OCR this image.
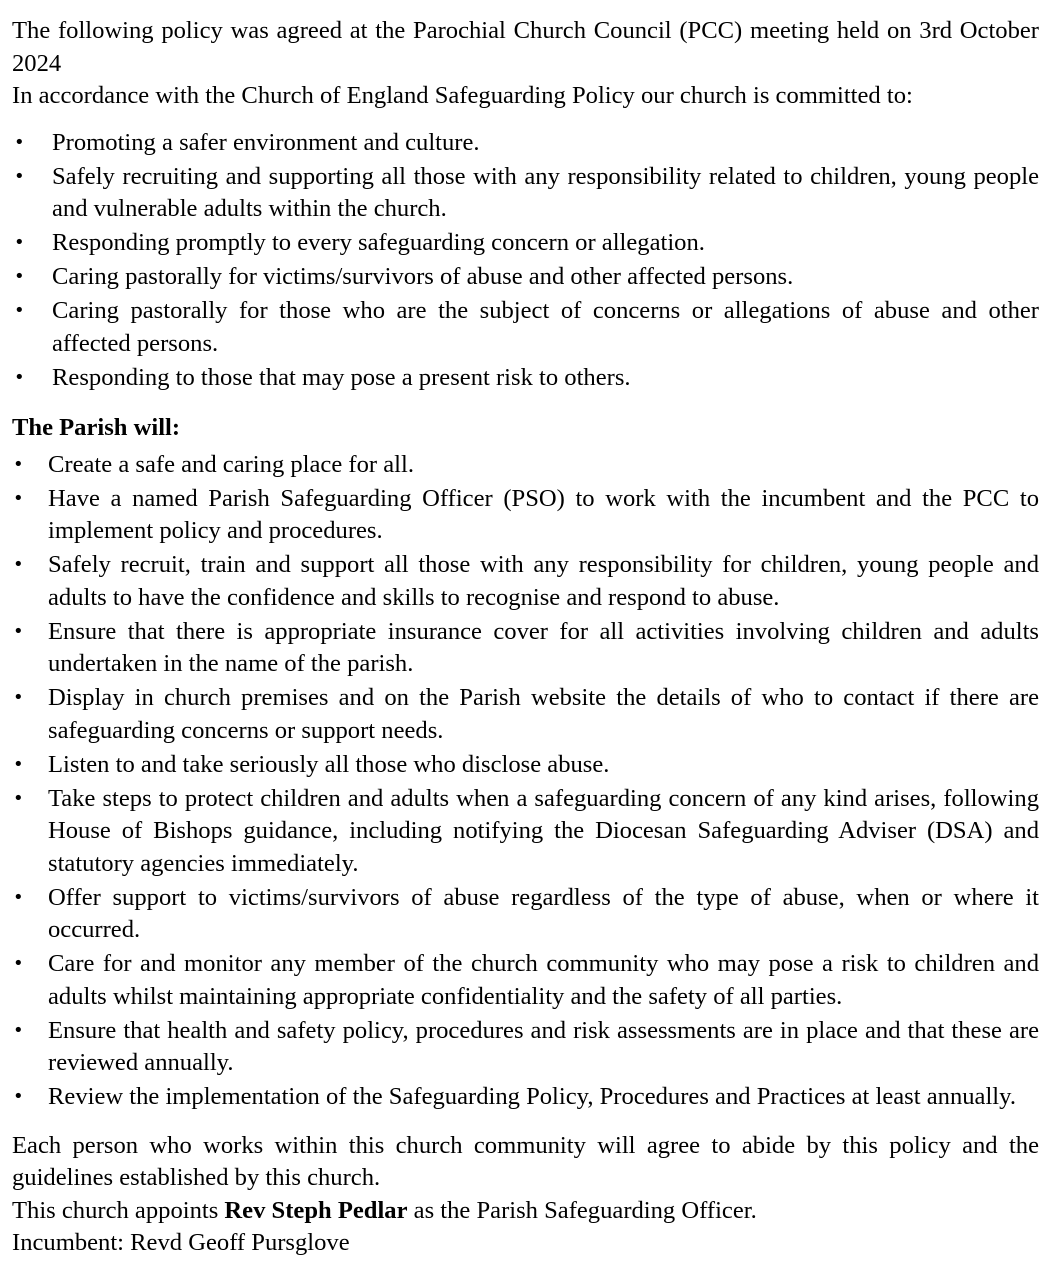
The following policy was agreed at the Parochial Church Council (PCC) meeting held on 3rd October 2024

In accordance with the Church of England Safeguarding Policy our church is committed to:

• Promoting a safer environment and culture.
• Safely recruiting and supporting all those with any responsibility related to children, young people and vulnerable adults within the church.
• Responding promptly to every safeguarding concern or allegation.
• Caring pastorally for victims/survivors of abuse and other affected persons.
• Caring pastorally for those who are the subject of concerns or allegations of abuse and other affected persons.
• Responding to those that may pose a present risk to others.
The Parish will:
• Create a safe and caring place for all.
• Have a named Parish Safeguarding Officer (PSO) to work with the incumbent and the PCC to implement policy and procedures.
• Safely recruit, train and support all those with any responsibility for children, young people and adults to have the confidence and skills to recognise and respond to abuse.
• Ensure that there is appropriate insurance cover for all activities involving children and adults undertaken in the name of the parish.
• Display in church premises and on the Parish website the details of who to contact if there are safeguarding concerns or support needs.
• Listen to and take seriously all those who disclose abuse.
• Take steps to protect children and adults when a safeguarding concern of any kind arises, following House of Bishops guidance, including notifying the Diocesan Safeguarding Adviser (DSA) and statutory agencies immediately.
• Offer support to victims/survivors of abuse regardless of the type of abuse, when or where it occurred.
• Care for and monitor any member of the church community who may pose a risk to children and adults whilst maintaining appropriate confidentiality and the safety of all parties.
• Ensure that health and safety policy, procedures and risk assessments are in place and that these are reviewed annually.
• Review the implementation of the Safeguarding Policy, Procedures and Practices at least annually.

Each person who works within this church community will agree to abide by this policy and the guidelines established by this church.

This church appoints Rev Steph Pedlar as the Parish Safeguarding Officer.

Incumbent: Revd Geoff Pursglove
